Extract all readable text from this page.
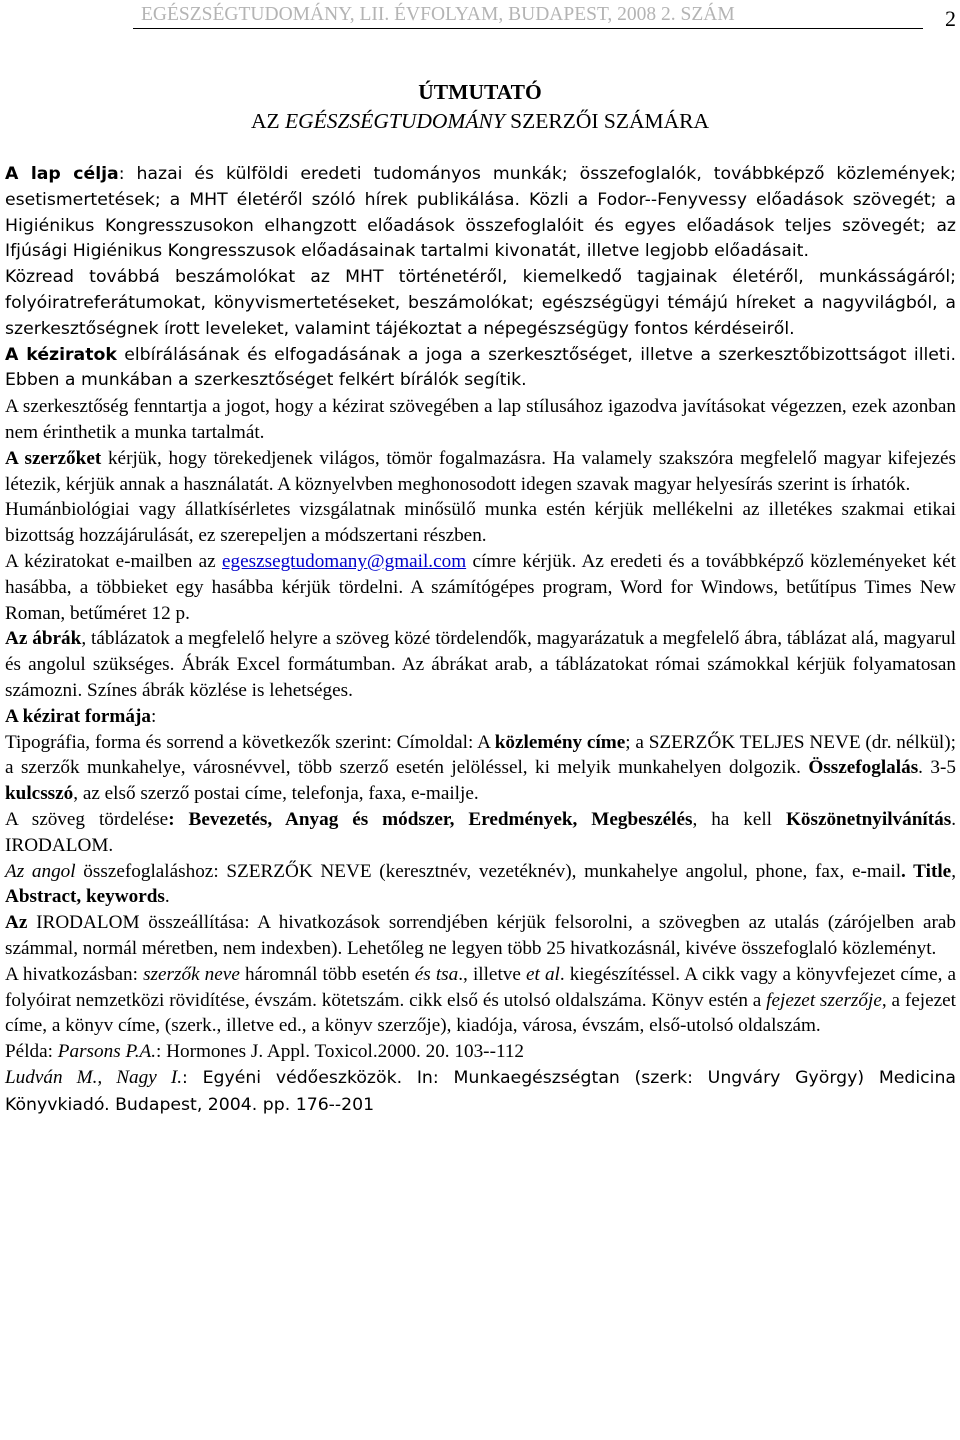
EGÉSZSÉGTUDOMÁNY, LII. ÉVFOLYAM, BUDAPEST, 2008 2. SZÁM	2
ÚTMUTATÓ
AZ EGÉSZSÉGTUDOMÁNY SZERZŐI SZÁMÁRA

A lap célja: hazai és külföldi eredeti tudományos munkák; összefoglalók, továbbképző közlemények; esetismertetések; a MHT életéről szóló hírek publikálása. Közli a Fodor--Fenyvessy előadások szövegét; a Higiénikus Kongresszusokon elhangzott előadások összefoglalóit és egyes előadások teljes szövegét; az Ifjúsági Higiénikus Kongresszusok előadásainak tartalmi kivonatát, illetve legjobb előadásait.

Közread továbbá beszámolókat az MHT történetéről, kiemelkedő tagjainak életéről, munkásságáról; folyóiratreferátumokat, könyvismertetéseket, beszámolókat; egészségügyi témájú híreket a nagyvilágból, a szerkesztőségnek írott leveleket, valamint tájékoztat a népegészségügy fontos kérdéseiről.

A kéziratok elbírálásának és elfogadásának a joga a szerkesztőséget, illetve a szerkesztőbizottságot illeti. Ebben a munkában a szerkesztőséget felkért bírálók segítik.

A szerkesztőség fenntartja a jogot, hogy a kézirat szövegében a lap stílusához igazodva javításokat végezzen, ezek azonban nem érinthetik a munka tartalmát.

A szerzőket kérjük, hogy törekedjenek világos, tömör fogalmazásra. Ha valamely szakszóra megfelelő magyar kifejezés létezik, kérjük annak a használatát. A köznyelvben meghonosodott idegen szavak magyar helyesírás szerint is írhatók.

Humánbiológiai vagy állatkísérletes vizsgálatnak minősülő munka estén kérjük mellékelni az illetékes szakmai etikai bizottság hozzájárulását, ez szerepeljen a módszertani részben.

A kéziratokat e-mailben az egeszsegtudomany@gmail.com címre kérjük. Az eredeti és a továbbképző közleményeket két hasábba, a többieket egy hasábba kérjük tördelni. A számítógépes program, Word for Windows, betűtípus Times New Roman, betűméret 12 p.

Az ábrák, táblázatok a megfelelő helyre a szöveg közé tördelendők, magyarázatuk a megfelelő ábra, táblázat alá, magyarul és angolul szükséges. Ábrák Excel formátumban. Az ábrákat arab, a táblázatokat római számokkal kérjük folyamatosan számozni. Színes ábrák közlése is lehetséges.

A kézirat formája:

Tipográfia, forma és sorrend a következők szerint: Címoldal: A közlemény címe; a SZERZŐK TELJES NEVE (dr. nélkül); a szerzők munkahelye, városnévvel, több szerző esetén jelöléssel, ki melyik munkahelyen dolgozik. Összefoglalás. 3-5 kulcsszó, az első szerző postai címe, telefonja, faxa, e-mailje.

A szöveg tördelése: Bevezetés, Anyag és módszer, Eredmények, Megbeszélés, ha kell Köszönetnyilvánítás. IRODALOM.

Az angol összefoglaláshoz: SZERZŐK NEVE (keresztnév, vezetéknév), munkahelye angolul, phone, fax, e-mail. Title, Abstract, keywords.

Az IRODALOM összeállítása: A hivatkozások sorrendjében kérjük felsorolni, a szövegben az utalás (zárójelben arab számmal, normál méretben, nem indexben). Lehetőleg ne legyen több 25 hivatkozásnál, kivéve összefoglaló közleményt.

A hivatkozásban: szerzők neve háromnál több esetén és tsa., illetve et al. kiegészítéssel. A cikk vagy a könyvfejezet címe, a folyóirat nemzetközi rövidítése, évszám. kötetszám. cikk első és utolsó oldalszáma. Könyv estén a fejezet szerzője, a fejezet címe, a könyv címe, (szerk., illetve ed., a könyv szerzője), kiadója, városa, évszám, első-utolsó oldalszám.

Példa: Parsons P.A.: Hormones J. Appl. Toxicol.2000. 20. 103--112

Ludván M., Nagy I.: Egyéni védőeszközök. In: Munkaegészségtan (szerk: Ungváry György) Medicina Könyvkiadó. Budapest, 2004. pp. 176--201
